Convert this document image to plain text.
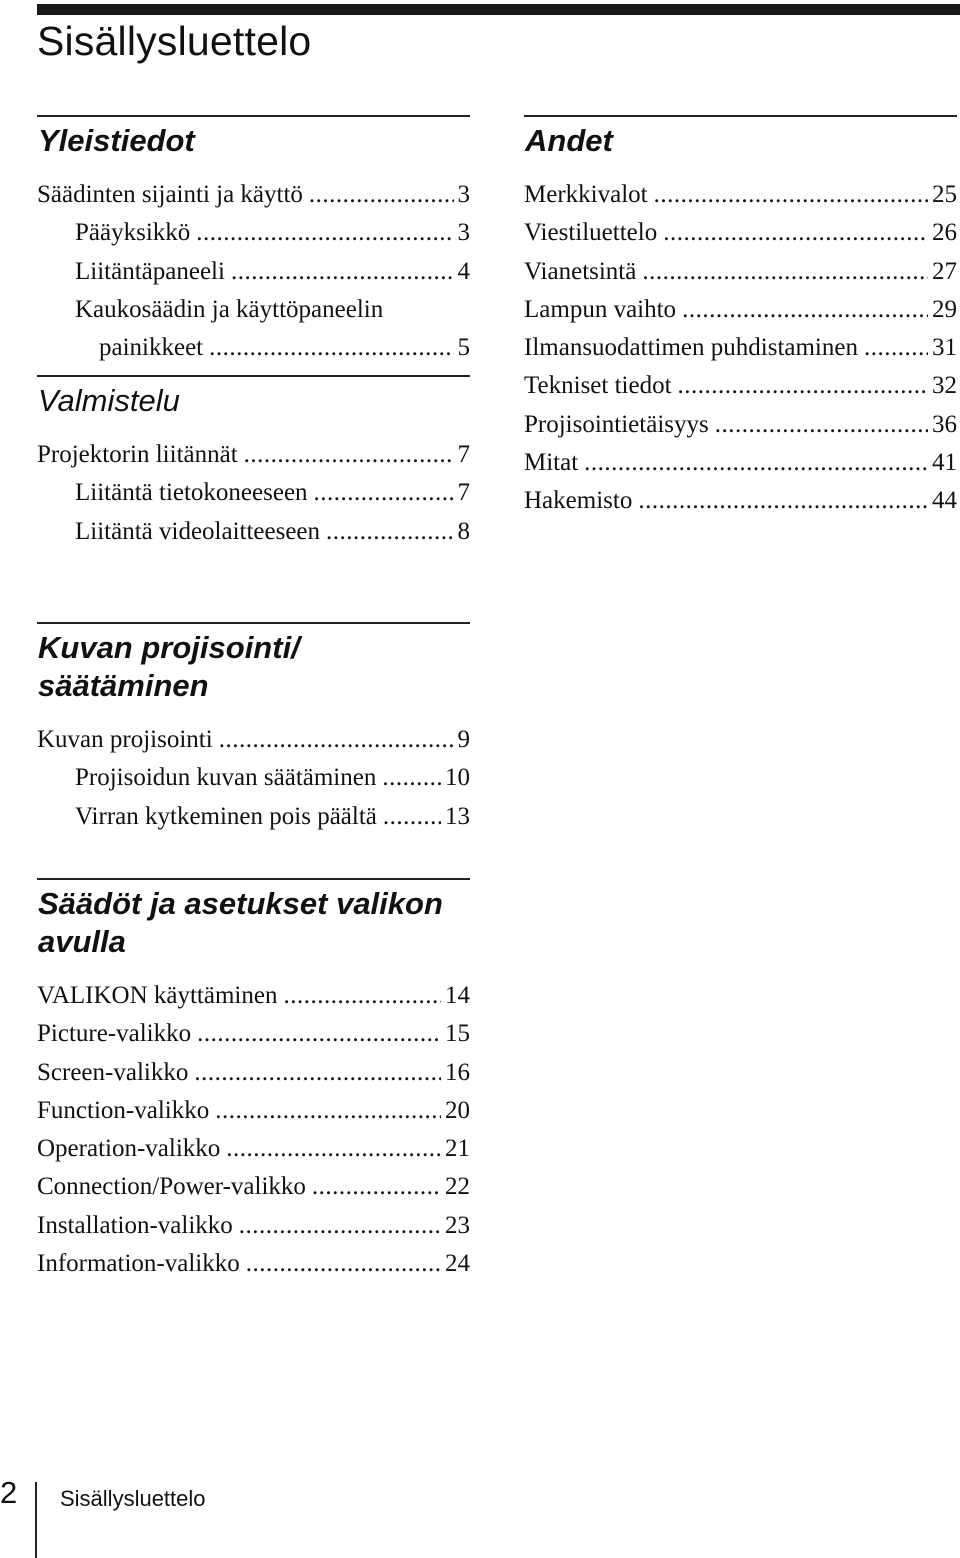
Sisällysluettelo
Yleistiedot
Säädinten sijainti ja käyttö .....	3
Pääyksikkö .....	3
Liitäntäpaneeli .....	4
Kaukosäädin ja käyttöpaneelin
painikkeet .....	5
Valmistelu
Projektorin liitännät .....	7
Liitäntä tietokoneeseen .....	7
Liitäntä videolaitteeseen .....	8
Kuvan projisointi/
säätäminen
Kuvan projisointi .....	9
Projisoidun kuvan säätäminen .....	10
Virran kytkeminen pois päältä .....	13
Säädöt ja asetukset valikon
avulla
VALIKON käyttäminen .....	14
Picture-valikko .....	15
Screen-valikko .....	16
Function-valikko .....	20
Operation-valikko .....	21
Connection/Power-valikko .....	22
Installation-valikko .....	23
Information-valikko .....	24
Andet
Merkkivalot .....	25
Viestiluettelo .....	26
Vianetsintä .....	27
Lampun vaihto .....	29
Ilmansuodattimen puhdistaminen .....	31
Tekniset tiedot .....	32
Projisointietäisyys .....	36
Mitat .....	41
Hakemisto .....	44
2 Sisällysluettelo
